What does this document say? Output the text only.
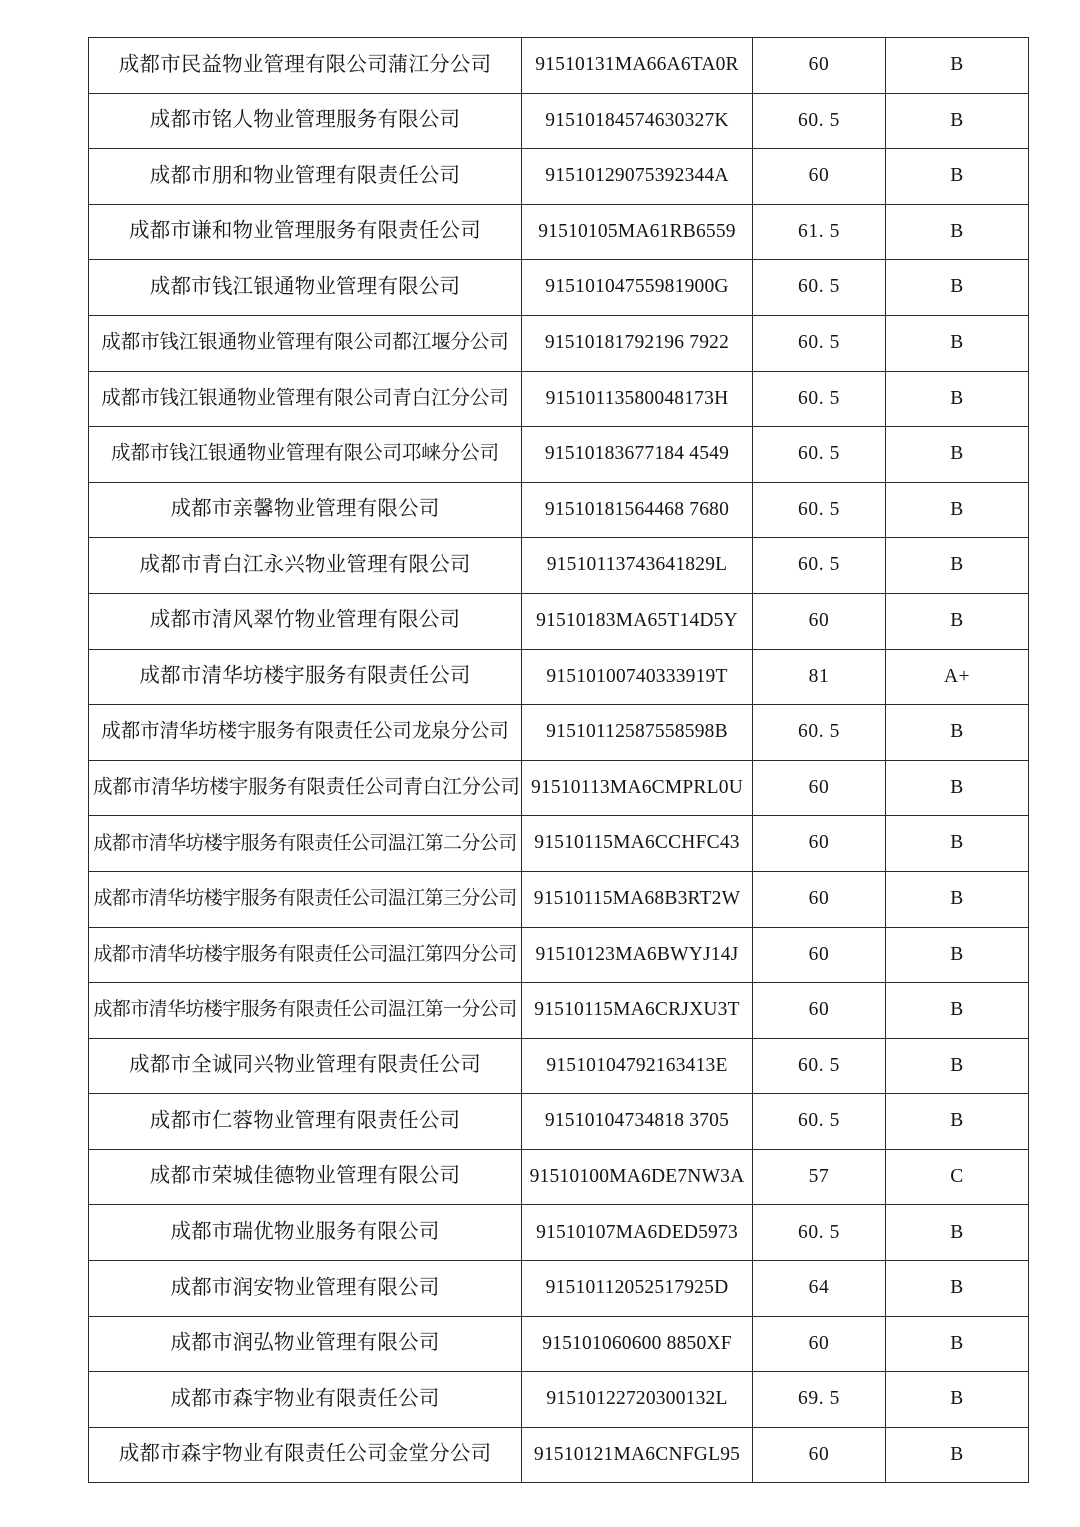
成都市民益物业管理有限公司蒲江分公司	91510131MA66A6TA0R	60	B
成都市铭人物业管理服务有限公司	91510184574630327K	60. 5	B
成都市朋和物业管理有限责任公司	91510129075392344A	60	B
成都市谦和物业管理服务有限责任公司	91510105MA61RB6559	61. 5	B
成都市钱江银通物业管理有限公司	91510104755981900G	60. 5	B
成都市钱江银通物业管理有限公司都江堰分公司	91510181792196 7922	60. 5	B
成都市钱江银通物业管理有限公司青白江分公司	91510113580048173H	60. 5	B
成都市钱江银通物业管理有限公司邛崃分公司	91510183677184 4549	60. 5	B
成都市亲馨物业管理有限公司	91510181564468 7680	60. 5	B
成都市青白江永兴物业管理有限公司	91510113743641829L	60. 5	B
成都市清风翠竹物业管理有限公司	91510183MA65T14D5Y	60	B
成都市清华坊楼宇服务有限责任公司	91510100740333919T	81	A+
成都市清华坊楼宇服务有限责任公司龙泉分公司	91510112587558598B	60. 5	B
成都市清华坊楼宇服务有限责任公司青白江分公司	91510113MA6CMPRL0U	60	B
成都市清华坊楼宇服务有限责任公司温江第二分公司	91510115MA6CCHFC43	60	B
成都市清华坊楼宇服务有限责任公司温江第三分公司	91510115MA68B3RT2W	60	B
成都市清华坊楼宇服务有限责任公司温江第四分公司	91510123MA6BWYJ14J	60	B
成都市清华坊楼宇服务有限责任公司温江第一分公司	91510115MA6CRJXU3T	60	B
成都市全诚同兴物业管理有限责任公司	91510104792163413E	60. 5	B
成都市仁蓉物业管理有限责任公司	91510104734818 3705	60. 5	B
成都市荣城佳德物业管理有限公司	91510100MA6DE7NW3A	57	C
成都市瑞优物业服务有限公司	91510107MA6DED5973	60. 5	B
成都市润安物业管理有限公司	91510112052517925D	64	B
成都市润弘物业管理有限公司	915101060600 8850XF	60	B
成都市森宇物业有限责任公司	91510122720300132L	69. 5	B
成都市森宇物业有限责任公司金堂分公司	91510121MA6CNFGL95	60	B
